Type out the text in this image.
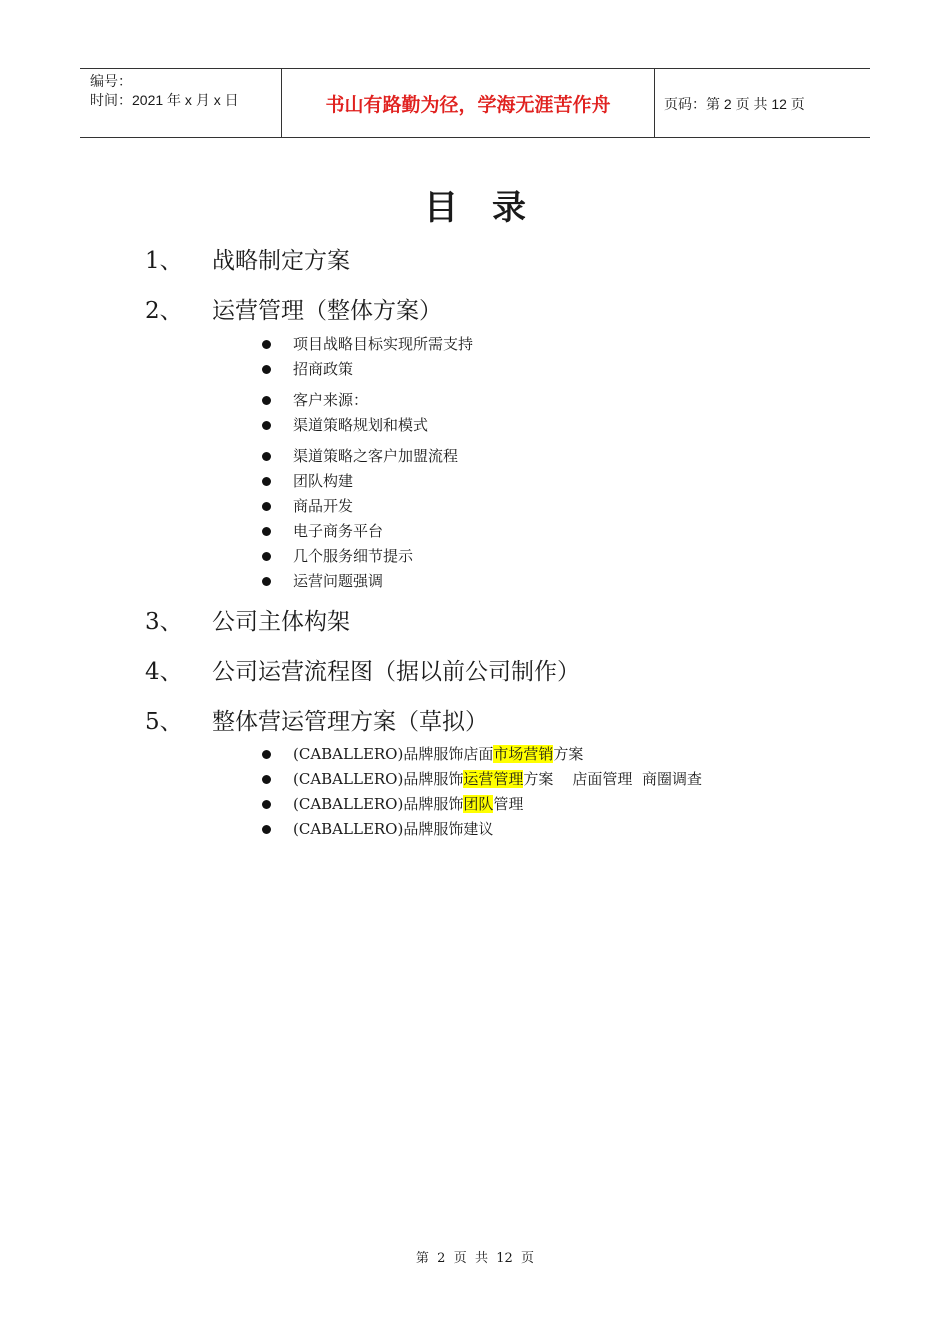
编号：
时间：2021 年 x 月 x 日	书山有路勤为径，学海无涯苦作舟	页码：第 2 页 共 12 页
目录
1、 战略制定方案
2、 运营管理（整体方案）
项目战略目标实现所需支持
招商政策
客户来源：
渠道策略规划和模式
渠道策略之客户加盟流程
团队构建
商品开发
电子商务平台
几个服务细节提示
运营问题强调
3、 公司主体构架
4、 公司运营流程图（据以前公司制作）
5、 整体营运管理方案（草拟）
(CABALLERO)品牌服饰店面市场营销方案
(CABALLERO)品牌服饰运营管理方案    店面管理  商圈调查
(CABALLERO)品牌服饰团队管理
(CABALLERO)品牌服饰建议
第  2  页  共  12  页
